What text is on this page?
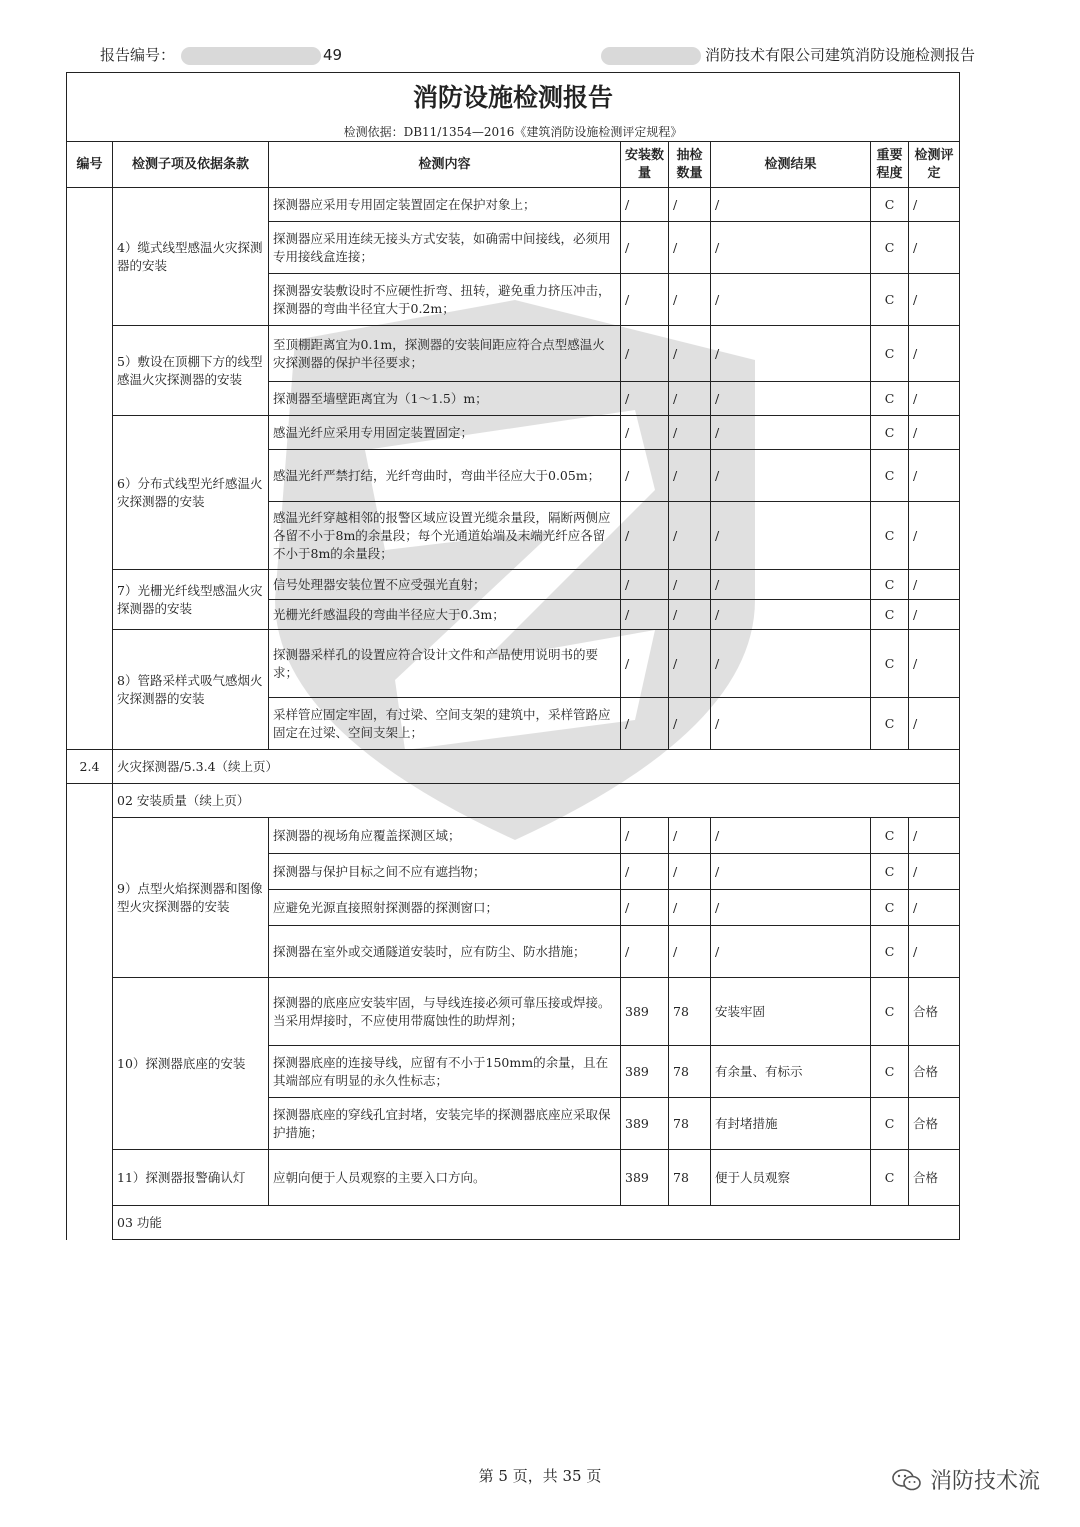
报告编号：	49	消防技术有限公司建筑消防设施检测报告
消防设施检测报告							
检测依据：DB11/1354—2016《建筑消防设施检测评定规程》							
编号	检测子项及依据条款	检测内容	安装数量	抽检数量	检测结果	重要程度	检测评定
	4）缆式线型感温火灾探测器的安装	探测器应采用专用固定装置固定在保护对象上；	/	/	/	C	/
		探测器应采用连续无接头方式安装，如确需中间接线，必须用专用接线盒连接；	/	/	/	C	/
		探测器安装敷设时不应硬性折弯、扭转，避免重力挤压冲击，探测器的弯曲半径宜大于0.2m；	/	/	/	C	/
	5）敷设在顶棚下方的线型感温火灾探测器的安装	至顶棚距离宜为0.1m，探测器的安装间距应符合点型感温火灾探测器的保护半径要求；	/	/	/	C	/
		探测器至墙壁距离宜为（1～1.5）m；	/	/	/	C	/
	6）分布式线型光纤感温火灾探测器的安装	感温光纤应采用专用固定装置固定；	/	/	/	C	/
		感温光纤严禁打结，光纤弯曲时，弯曲半径应大于0.05m；	/	/	/	C	/
		感温光纤穿越相邻的报警区域应设置光缆余量段，隔断两侧应各留不小于8m的余量段；每个光通道始端及末端光纤应各留不小于8m的余量段；	/	/	/	C	/
	7）光栅光纤线型感温火灾探测器的安装	信号处理器安装位置不应受强光直射；	/	/	/	C	/
		光栅光纤感温段的弯曲半径应大于0.3m；	/	/	/	C	/
	8）管路采样式吸气感烟火灾探测器的安装	探测器采样孔的设置应符合设计文件和产品使用说明书的要求；	/	/	/	C	/
		采样管应固定牢固，有过梁、空间支架的建筑中，采样管路应固定在过梁、空间支架上；	/	/	/	C	/
2.4	火灾探测器/5.3.4（续上页）						
	02 安装质量（续上页）						
	9）点型火焰探测器和图像型火灾探测器的安装	探测器的视场角应覆盖探测区域；	/	/	/	C	/
		探测器与保护目标之间不应有遮挡物；	/	/	/	C	/
		应避免光源直接照射探测器的探测窗口；	/	/	/	C	/
		探测器在室外或交通隧道安装时，应有防尘、防水措施；	/	/	/	C	/
	10）探测器底座的安装	探测器的底座应安装牢固，与导线连接必须可靠压接或焊接。当采用焊接时，不应使用带腐蚀性的助焊剂；	389	78	安装牢固	C	合格
		探测器底座的连接导线，应留有不小于150mm的余量，且在其端部应有明显的永久性标志；	389	78	有余量、有标示	C	合格
		探测器底座的穿线孔宜封堵，安装完毕的探测器底座应采取保护措施；	389	78	有封堵措施	C	合格
	11）探测器报警确认灯	应朝向便于人员观察的主要入口方向。	389	78	便于人员观察	C	合格
	03 功能						
第 5 页，共 35 页	消防技术流
